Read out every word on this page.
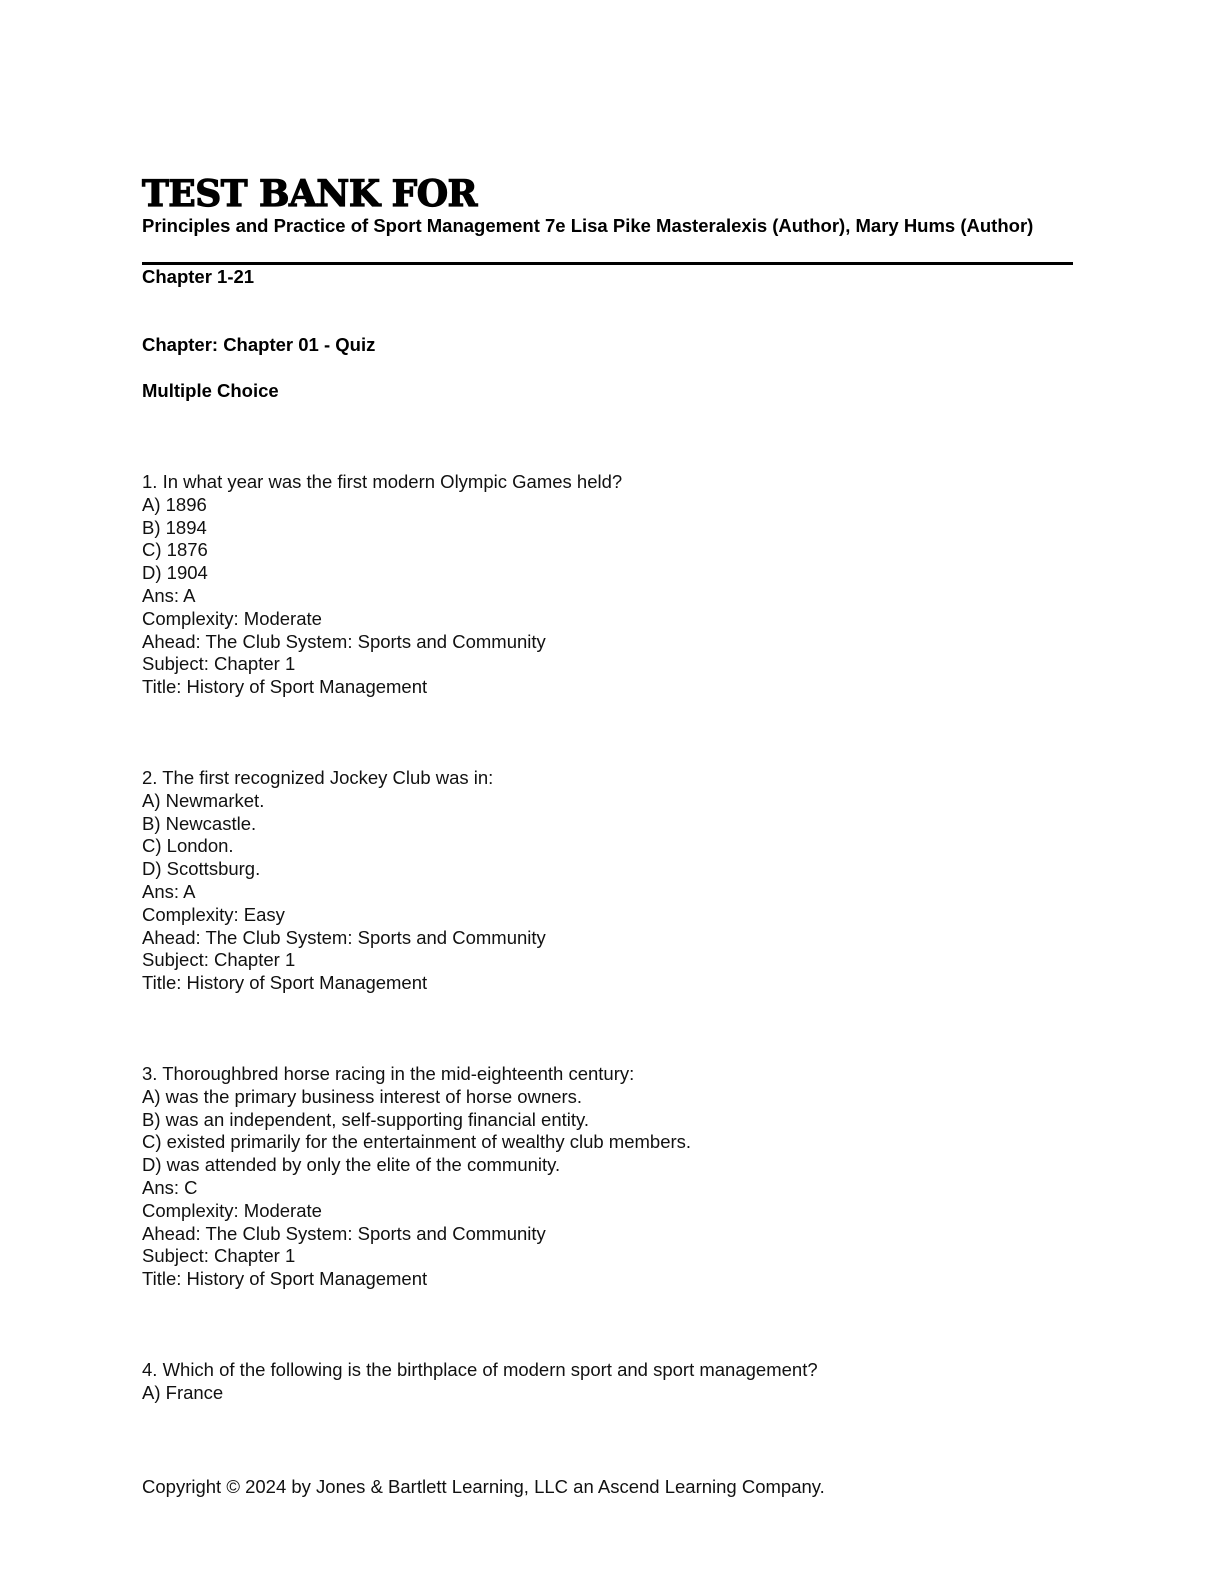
TEST BANK FOR
Principles and Practice of Sport Management 7e Lisa Pike Masteralexis (Author), Mary Hums (Author)
Chapter 1-21
Chapter: Chapter 01 - Quiz
Multiple Choice
1. In what year was the first modern Olympic Games held?
A) 1896
B) 1894
C) 1876
D) 1904
Ans: A
Complexity: Moderate
Ahead: The Club System: Sports and Community
Subject: Chapter 1
Title: History of Sport Management
2. The first recognized Jockey Club was in:
A) Newmarket.
B) Newcastle.
C) London.
D) Scottsburg.
Ans: A
Complexity: Easy
Ahead: The Club System: Sports and Community
Subject: Chapter 1
Title: History of Sport Management
3. Thoroughbred horse racing in the mid-eighteenth century:
A) was the primary business interest of horse owners.
B) was an independent, self-supporting financial entity.
C) existed primarily for the entertainment of wealthy club members.
D) was attended by only the elite of the community.
Ans: C
Complexity: Moderate
Ahead: The Club System: Sports and Community
Subject: Chapter 1
Title: History of Sport Management
4. Which of the following is the birthplace of modern sport and sport management?
A) France
Copyright © 2024 by Jones & Bartlett Learning, LLC an Ascend Learning Company.
